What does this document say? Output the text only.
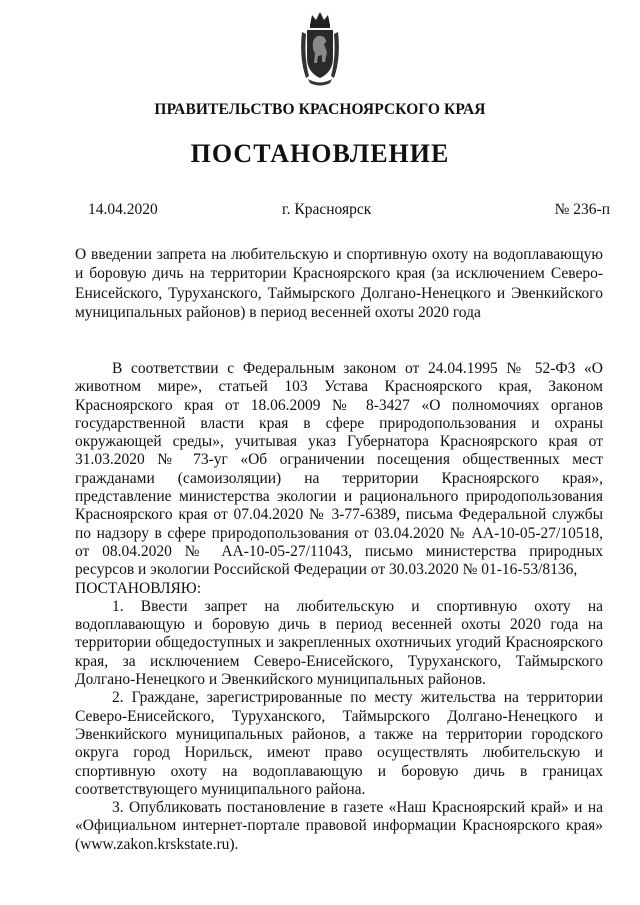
ПРАВИТЕЛЬСТВО КРАСНОЯРСКОГО КРАЯ
ПОСТАНОВЛЕНИЕ
14.04.2020	г. Красноярск	№ 236-п
О введении запрета на любительскую и спортивную охоту на водоплавающую и боровую дичь на территории Красноярского края (за исключением Северо-Енисейского, Туруханского, Таймырского Долгано-Ненецкого и Эвенкийского муниципальных районов) в период весенней охоты 2020 года

В соответствии с Федеральным законом от 24.04.1995 № 52-ФЗ «О животном мире», статьей 103 Устава Красноярского края, Законом Красноярского края от 18.06.2009 № 8-3427 «О полномочиях органов государственной власти края в сфере природопользования и охраны окружающей среды», учитывая указ Губернатора Красноярского края от 31.03.2020 № 73-уг «Об ограничении посещения общественных мест гражданами (самоизоляции) на территории Красноярского края», представление министерства экологии и рационального природопользования Красноярского края от 07.04.2020 № 3-77-6389, письма Федеральной службы по надзору в сфере природопользования от 03.04.2020 № АА-10-05-27/10518, от 08.04.2020 № АА-10-05-27/11043, письмо министерства природных ресурсов и экологии Российской Федерации от 30.03.2020 № 01-16-53/8136,

ПОСТАНОВЛЯЮ:

1. Ввести запрет на любительскую и спортивную охоту на водоплавающую и боровую дичь в период весенней охоты 2020 года на территории общедоступных и закрепленных охотничьих угодий Красноярского края, за исключением Северо-Енисейского, Туруханского, Таймырского Долгано-Ненецкого и Эвенкийского муниципальных районов.

2. Граждане, зарегистрированные по месту жительства на территории Северо-Енисейского, Туруханского, Таймырского Долгано-Ненецкого и Эвенкийского муниципальных районов, а также на территории городского округа город Норильск, имеют право осуществлять любительскую и спортивную охоту на водоплавающую и боровую дичь в границах соответствующего муниципального района.

3. Опубликовать постановление в газете «Наш Красноярский край» и на «Официальном интернет-портале правовой информации Красноярского края» (www.zakon.krskstate.ru).
